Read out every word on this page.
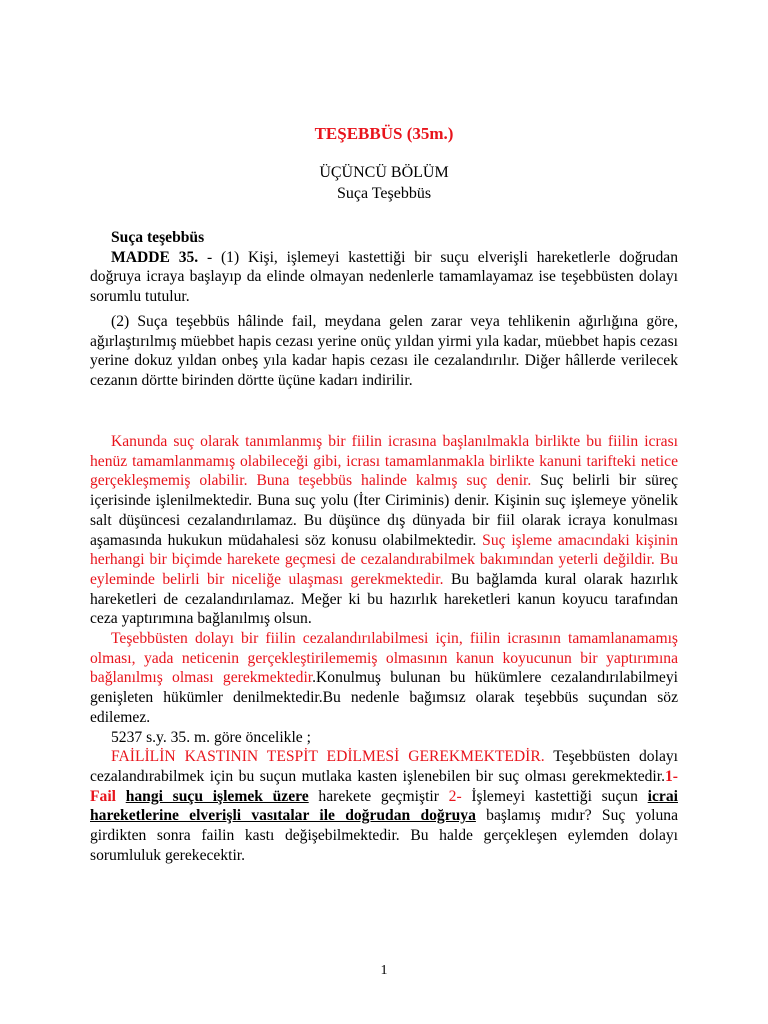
TEŞEBBÜS (35m.)

ÜÇÜNCÜ BÖLÜM

Suça Teşebbüs

Suça teşebbüs

MADDE 35. - (1) Kişi, işlemeyi kastettiği bir suçu elverişli hareketlerle doğrudan doğruya icraya başlayıp da elinde olmayan nedenlerle tamamlayamaz ise teşebbüsten dolayı sorumlu tutulur.

(2) Suça teşebbüs hâlinde fail, meydana gelen zarar veya tehlikenin ağırlığına göre, ağırlaştırılmış müebbet hapis cezası yerine onüç yıldan yirmi yıla kadar, müebbet hapis cezası yerine dokuz yıldan onbeş yıla kadar hapis cezası ile cezalandırılır. Diğer hâllerde verilecek cezanın dörtte birinden dörtte üçüne kadarı indirilir.

Kanunda suç olarak tanımlanmış bir fiilin icrasına başlanılmakla birlikte bu fiilin icrası henüz tamamlanmamış olabileceği gibi, icrası tamamlanmakla birlikte kanuni tarifteki netice gerçekleşmemiş olabilir. Buna teşebbüs halinde kalmış suç denir. Suç belirli bir süreç içerisinde işlenilmektedir. Buna suç yolu (İter Ciriminis) denir. Kişinin suç işlemeye yönelik salt düşüncesi cezalandırılamaz. Bu düşünce dış dünyada bir fiil olarak icraya konulması aşamasında hukukun müdahalesi söz konusu olabilmektedir. Suç işleme amacındaki kişinin herhangi bir biçimde harekete geçmesi de cezalandırabilmek bakımından yeterli değildir. Bu eyleminde belirli bir niceliğe ulaşması gerekmektedir. Bu bağlamda kural olarak hazırlık hareketleri de cezalandırılamaz. Meğer ki bu hazırlık hareketleri kanun koyucu tarafından ceza yaptırımına bağlanılmış olsun.

Teşebbüsten dolayı bir fiilin cezalandırılabilmesi için, fiilin icrasının tamamlanamamış olması, yada neticenin gerçekleştirilememiş olmasının kanun koyucunun bir yaptırımına bağlanılmış olması gerekmektedir.Konulmuş bulunan bu hükümlere cezalandırılabilmeyi genişleten hükümler denilmektedir.Bu nedenle bağımsız olarak teşebbüs suçundan söz edilemez.

5237 s.y. 35. m. göre öncelikle ;

FAİLİLİN KASTININ TESPİT EDİLMESİ GEREKMEKTEDİR. Teşebbüsten dolayı cezalandırabilmek için bu suçun mutlaka kasten işlenebilen bir suç olması gerekmektedir.1-Fail hangi suçu işlemek üzere harekete geçmiştir 2- İşlemeyi kastettiği suçun icrai hareketlerine elverişli vasıtalar ile doğrudan doğruya başlamış mıdır? Suç yoluna girdikten sonra failin kastı değişebilmektedir. Bu halde gerçekleşen eylemden dolayı sorumluluk gerekecektir.

1
